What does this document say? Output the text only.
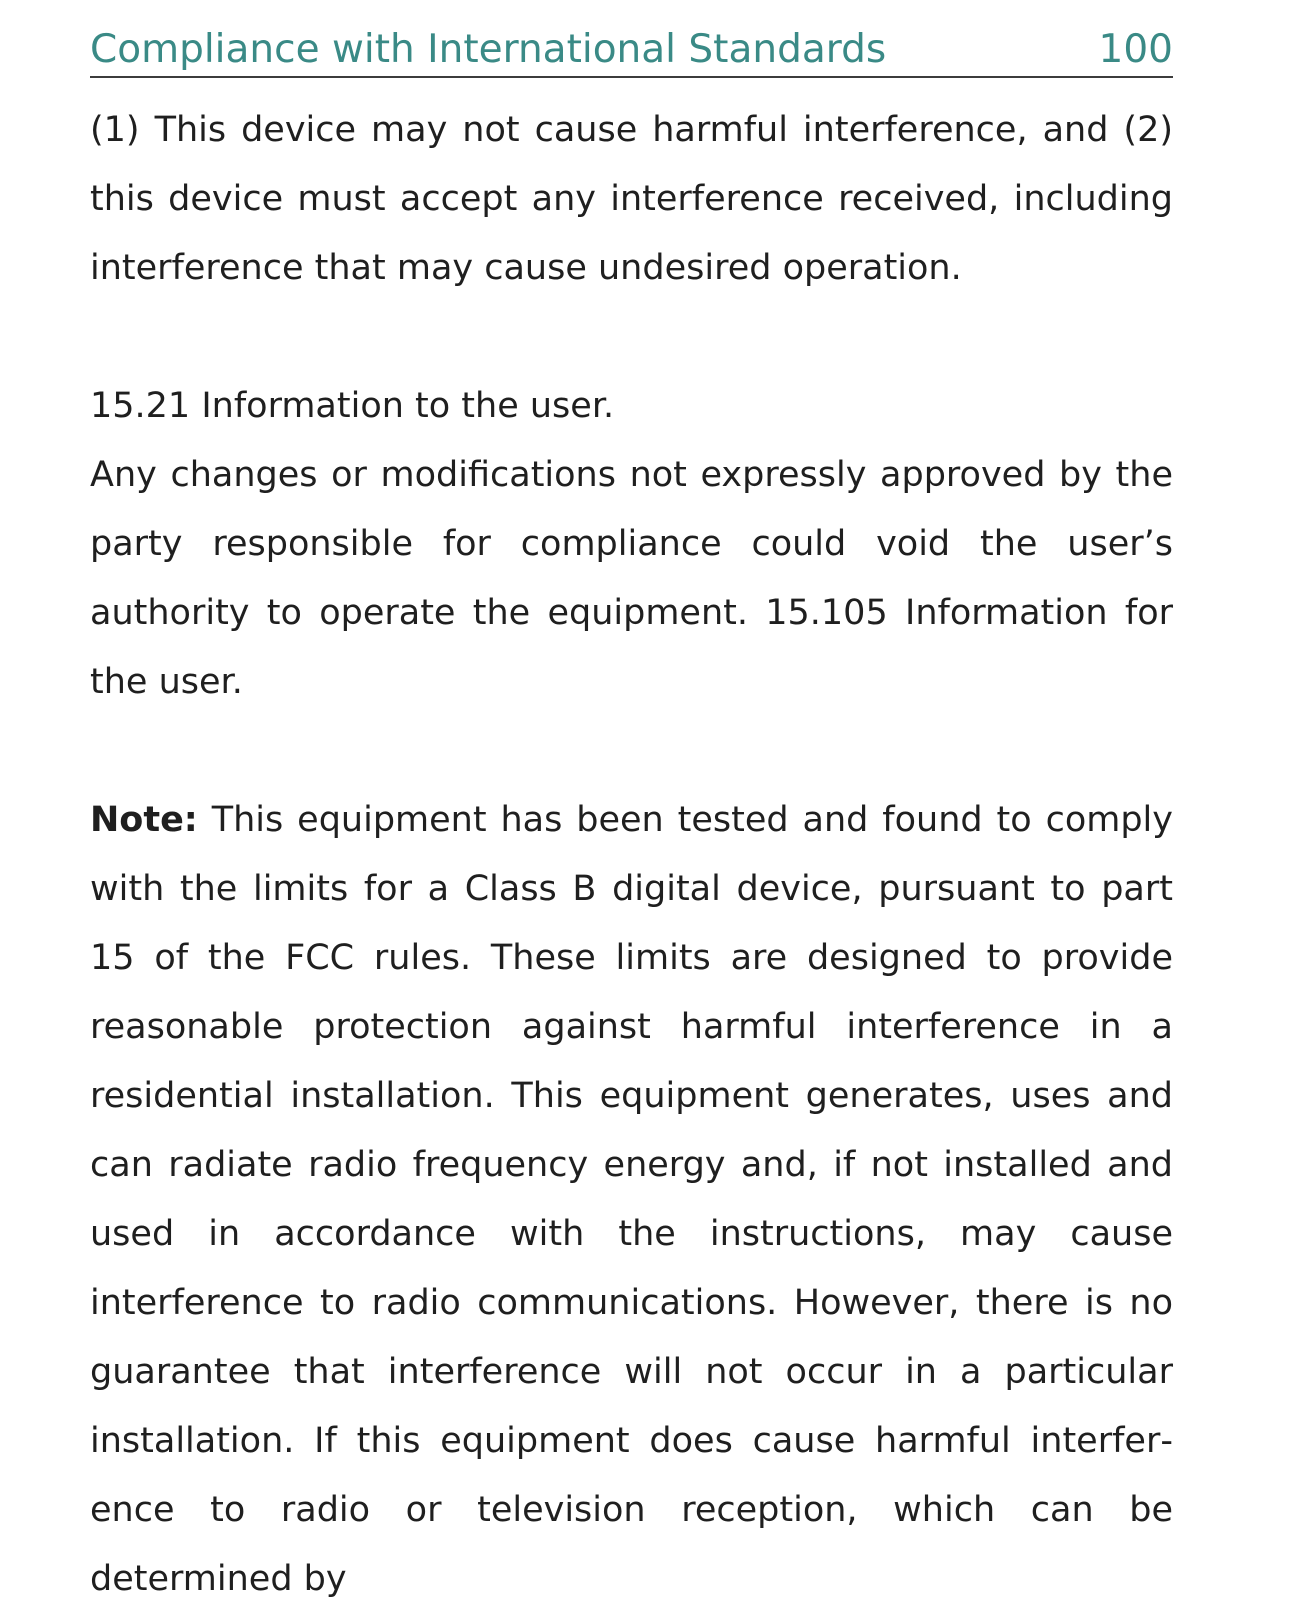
Compliance with International Standards	100

(1) This device may not cause harmful interference, and (2) this device must accept any interference received, including interference that may cause undesired operation.

15.21 Information to the user.

Any changes or modifications not expressly approved by the party responsible for compliance could void the user’s authority to operate the equipment. 15.105 Information for the user.

Note: This equipment has been tested and found to comply with the limits for a Class B digital device, pursuant to part 15 of the FCC rules. These limits are designed to provide reasonable protection against harmful interference in a residential installation. This equipment generates, uses and can radiate radio frequency energy and, if not installed and used in accordance with the instructions, may cause interference to radio communications. However, there is no guarantee that interference will not occur in a particular installation. If this equipment does cause harmful interference to radio or television reception, which can be determined by
